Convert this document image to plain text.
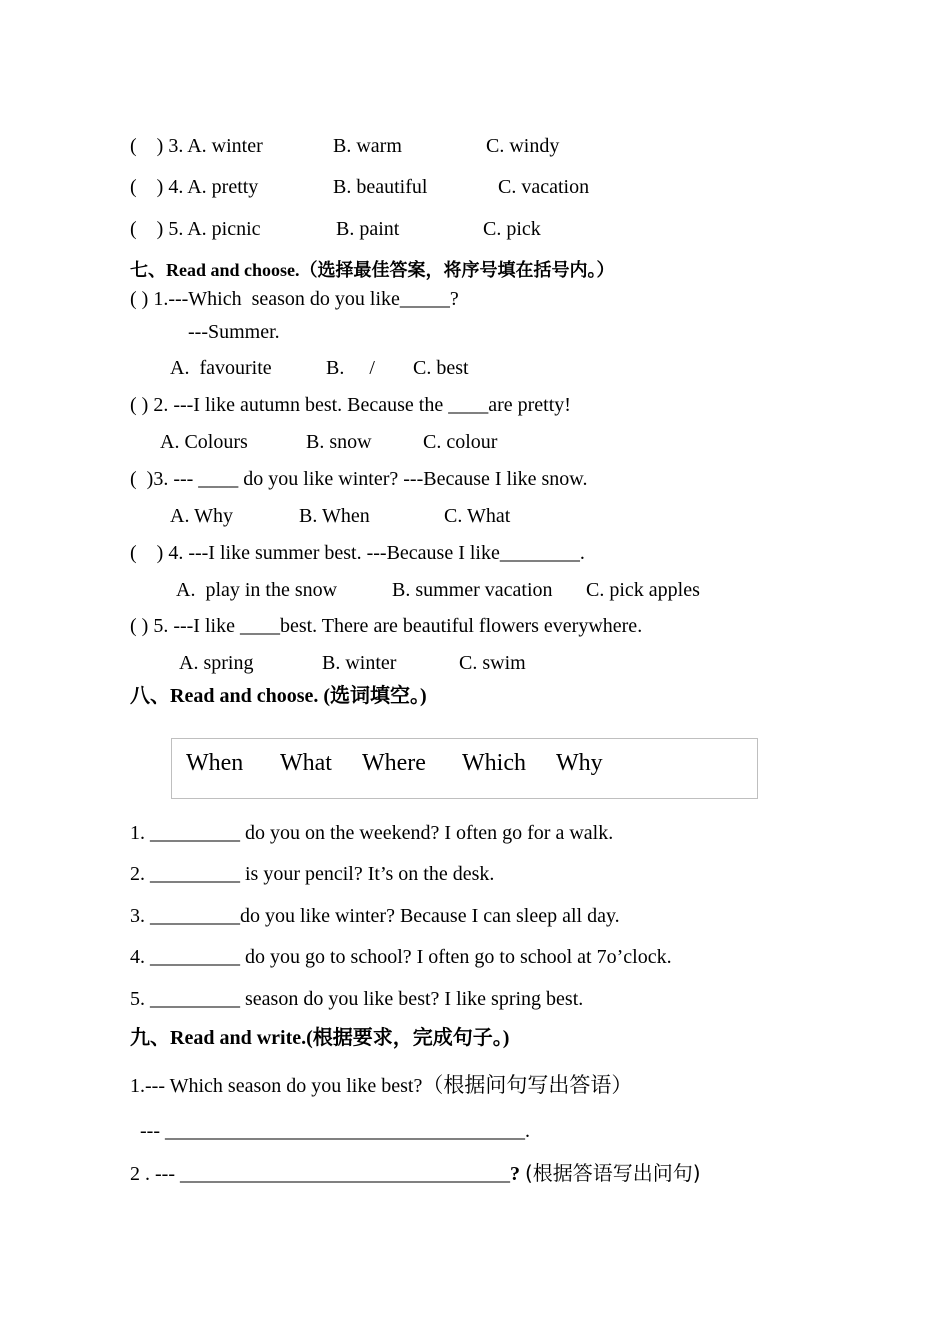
(    ) 3. A. winter	B. warm	C. windy
(    ) 4. A. pretty	B. beautiful	C. vacation
(    ) 5. A. picnic	B. paint	C. pick
七、Read and choose.（选择最佳答案，将序号填在括号内。）
( ) 1.---Which  season do you like_____?
---Summer.
A.  favourite	B.     / C. best
( ) 2. ---I like autumn best. Because the ____are pretty!
A. Colours	B. snow	C. colour
(  )3. --- ____ do you like winter? ---Because I like snow.
A. Why	B. When	C. What
(    ) 4. ---I like summer best. ---Because I like________.
A.  play in the snow	B. summer vacation C. pick apples
( ) 5. ---I like ____best. There are beautiful flowers everywhere.
A. spring	B. winter	C. swim
八、Read and choose. (选词填空。)
When What Where Which Why
1. _________ do you on the weekend? I often go for a walk.
2. _________ is your pencil? It’s on the desk.
3. _________do you like winter? Because I can sleep all day.
4. _________ do you go to school? I often go to school at 7o’clock.
5. _________ season do you like best? I like spring best.
九、Read and write.(根据要求，完成句子。)
1.--- Which season do you like best?（根据问句写出答语）
--- ____________________________________.
2 . --- _________________________________? (根据答语写出问句)
